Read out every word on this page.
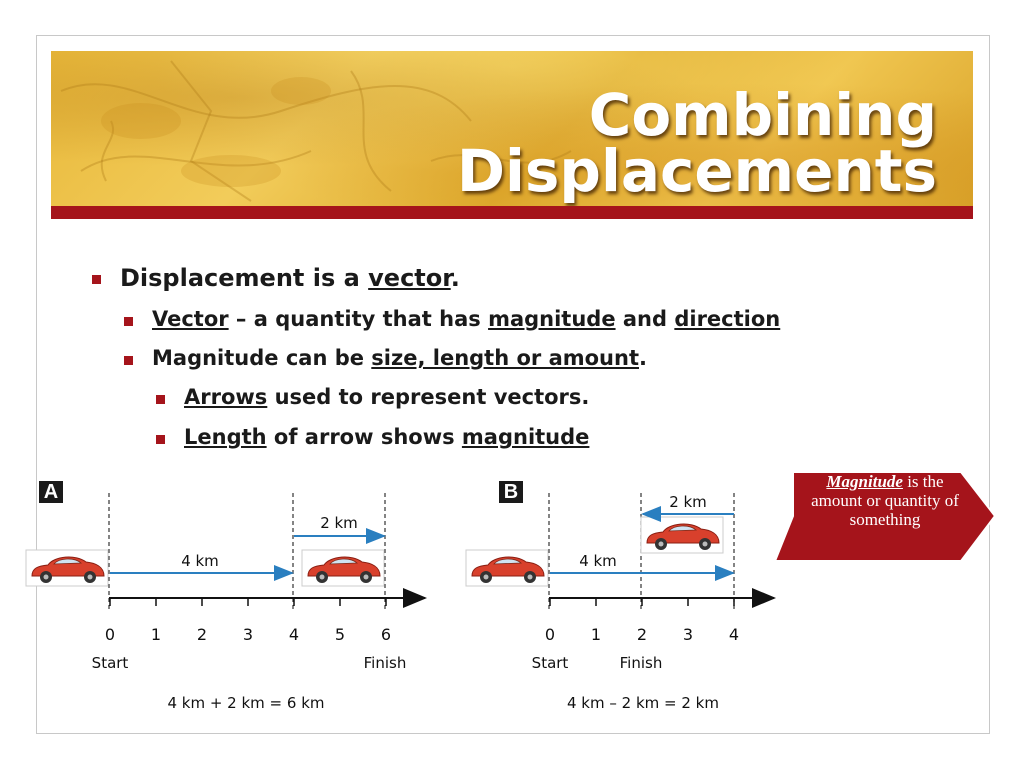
Combining
Displacements
Displacement is a vector.
Vector – a quantity that has magnitude and direction
Magnitude can be size, length or amount.
Arrows used to represent vectors.
Length of arrow shows magnitude
A
4 km
2 km
0 1 2 3 4 5 6
Start	Finish
4 km + 2 km = 6 km
4 km
2 km
0 1 2 3 4
Start	Finish
4 km – 2 km = 2 km
B	Magnitude is the amount or quantity of something
